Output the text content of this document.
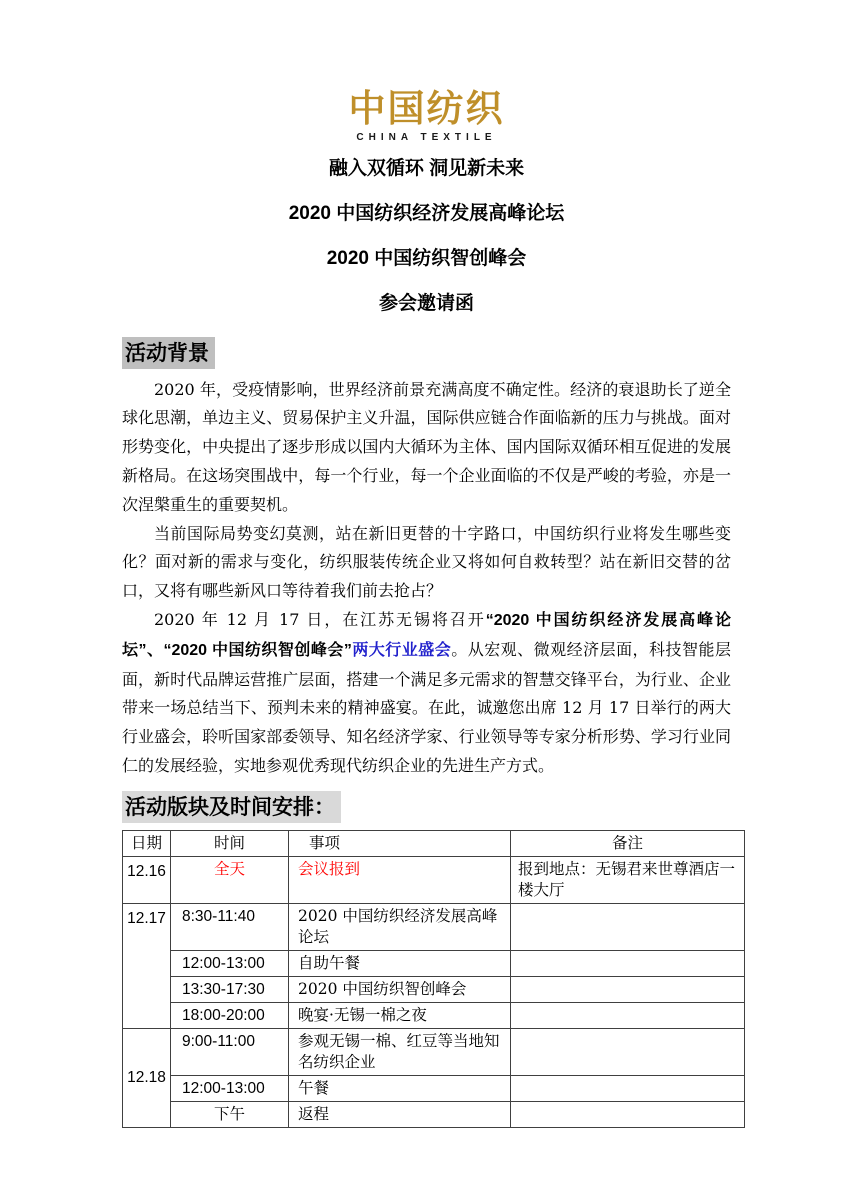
中国纺织
CHINA TEXTILE
融入双循环 洞见新未来
2020 中国纺织经济发展高峰论坛
2020 中国纺织智创峰会
参会邀请函
活动背景

2020 年，受疫情影响，世界经济前景充满高度不确定性。经济的衰退助长了逆全球化思潮，单边主义、贸易保护主义升温，国际供应链合作面临新的压力与挑战。面对形势变化，中央提出了逐步形成以国内大循环为主体、国内国际双循环相互促进的发展新格局。在这场突围战中，每一个行业，每一个企业面临的不仅是严峻的考验，亦是一次涅槃重生的重要契机。

当前国际局势变幻莫测，站在新旧更替的十字路口，中国纺织行业将发生哪些变化？面对新的需求与变化，纺织服装传统企业又将如何自救转型？站在新旧交替的岔口，又将有哪些新风口等待着我们前去抢占？

2020 年 12 月 17 日，在江苏无锡将召开“2020 中国纺织经济发展高峰论坛”、“2020 中国纺织智创峰会”两大行业盛会。从宏观、微观经济层面，科技智能层面，新时代品牌运营推广层面，搭建一个满足多元需求的智慧交锋平台，为行业、企业带来一场总结当下、预判未来的精神盛宴。在此，诚邀您出席 12 月 17 日举行的两大行业盛会，聆听国家部委领导、知名经济学家、行业领导等专家分析形势、学习行业同仁的发展经验，实地参观优秀现代纺织企业的先进生产方式。

活动版块及时间安排：
日期	时间	事项	备注
12.16	全天	会议报到	报到地点：无锡君来世尊酒店一楼大厅
12.17	8:30-11:40	2020 中国纺织经济发展高峰论坛	
	12:00-13:00	自助午餐	
	13:30-17:30	2020 中国纺织智创峰会	
	18:00-20:00	晚宴·无锡一棉之夜	
12.18	9:00-11:00	参观无锡一棉、红豆等当地知名纺织企业	
	12:00-13:00	午餐	
	下午	返程	
